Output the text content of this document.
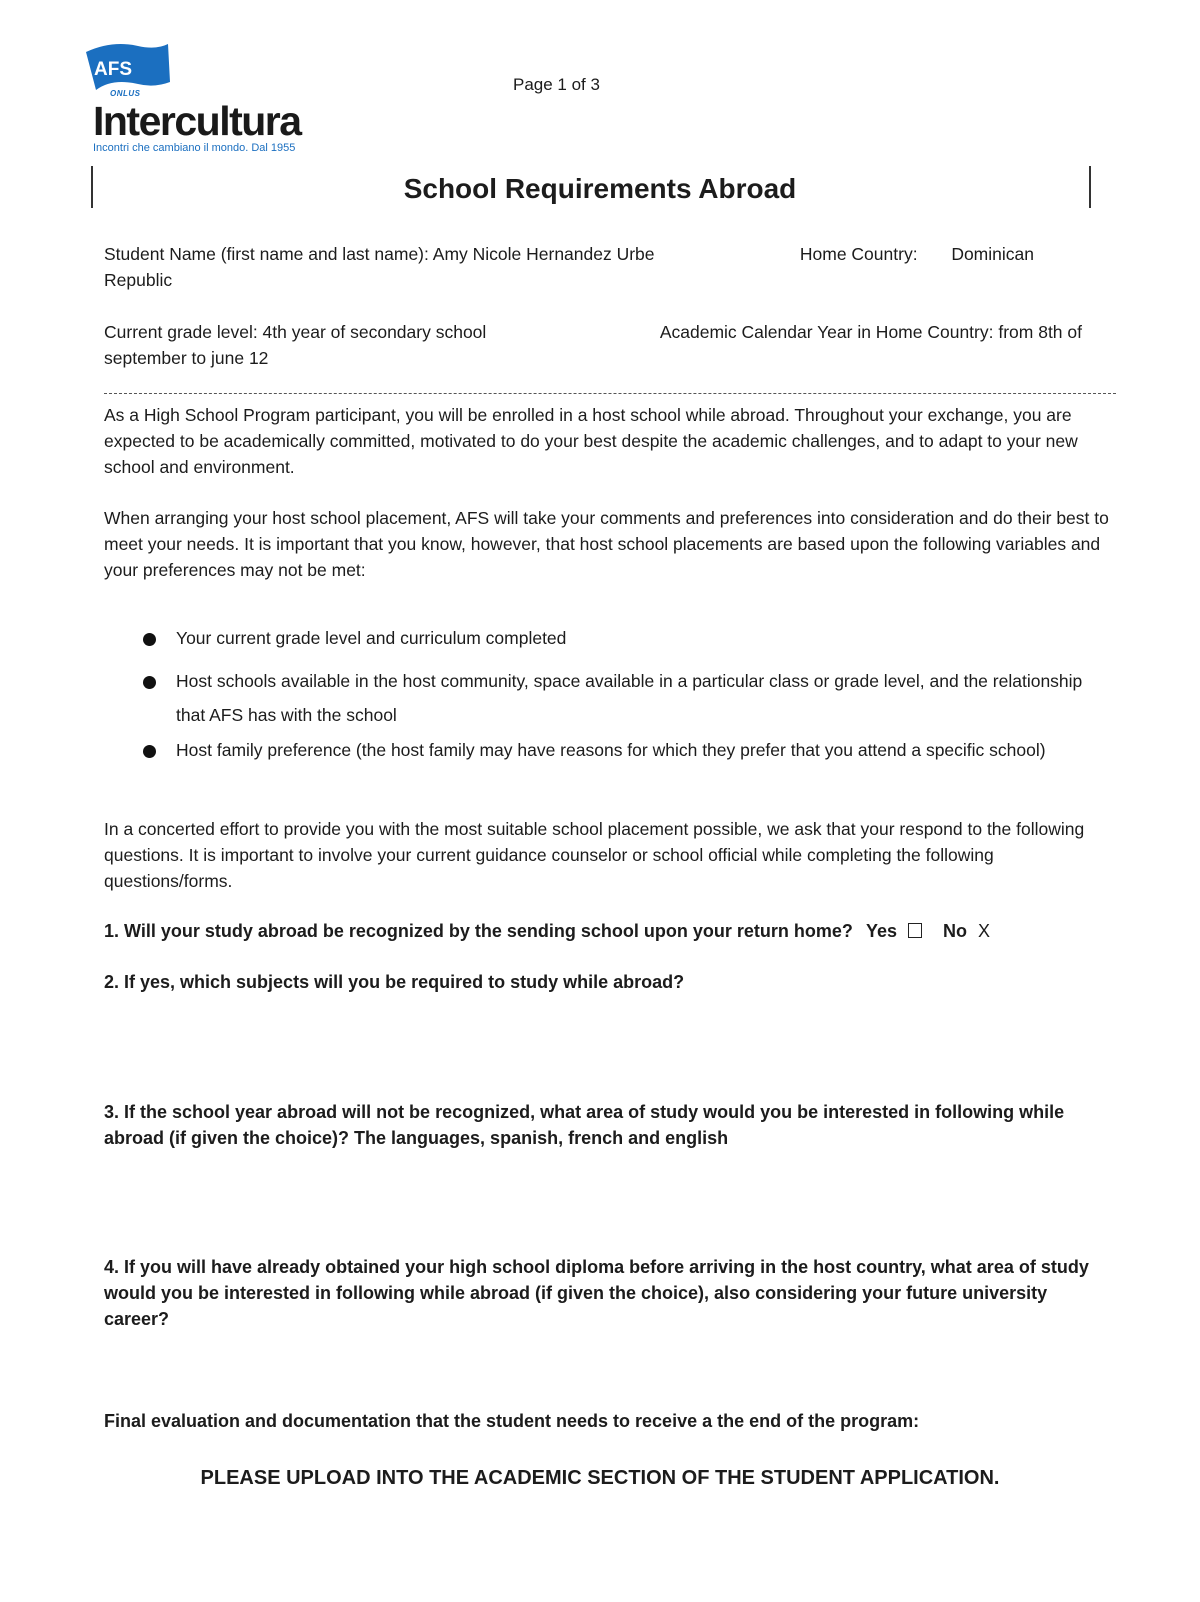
AFS
ONLUS
Intercultura
Incontri che cambiano il mondo. Dal 1955
Page 1 of 3
School Requirements Abroad
Student Name (first name and last name): Amy Nicole Hernandez Urbe	Home Country: Dominican
Republic
Current grade level: 4th year of secondary school	Academic Calendar Year in Home Country: from 8th of
september to june 12
As a High School Program participant, you will be enrolled in a host school while abroad. Throughout your exchange, you are expected to be academically committed, motivated to do your best despite the academic challenges, and to adapt to your new school and environment.
When arranging your host school placement, AFS will take your comments and preferences into consideration and do their best to meet your needs. It is important that you know, however, that host school placements are based upon the following variables and your preferences may not be met:
Your current grade level and curriculum completed
Host schools available in the host community, space available in a particular class or grade level, and the relationship that AFS has with the school
Host family preference (the host family may have reasons for which they prefer that you attend a specific school)
In a concerted effort to provide you with the most suitable school placement possible, we ask that your respond to the following questions. It is important to involve your current guidance counselor or school official while completing the following questions/forms.
1. Will your study abroad be recognized by the sending school upon your return home? Yes	No X
2. If yes, which subjects will you be required to study while abroad?
3. If the school year abroad will not be recognized, what area of study would you be interested in following while abroad (if given the choice)? The languages, spanish, french and english
4. If you will have already obtained your high school diploma before arriving in the host country, what area of study would you be interested in following while abroad (if given the choice), also considering your future university career?
Final evaluation and documentation that the student needs to receive a the end of the program:
PLEASE UPLOAD INTO THE ACADEMIC SECTION OF THE STUDENT APPLICATION.
